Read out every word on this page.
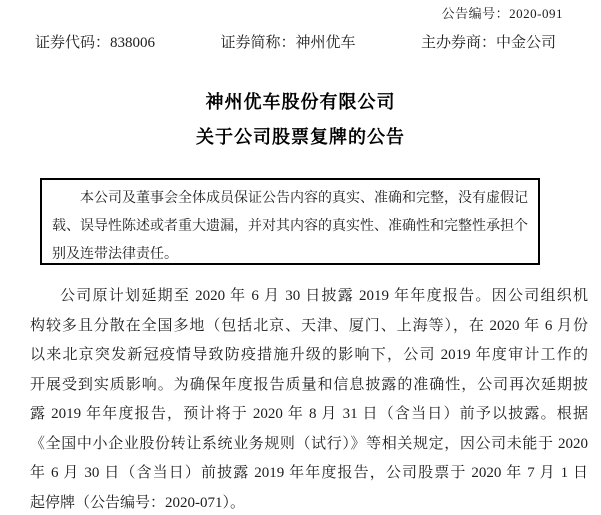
公告编号：2020-091
证券代码：838006	证券简称：神州优车	主办券商：中金公司
神州优车股份有限公司
关于公司股票复牌的公告
本公司及董事会全体成员保证公告内容的真实、准确和完整，没有虚假记
载、误导性陈述或者重大遗漏，并对其内容的真实性、准确性和完整性承担个
别及连带法律责任。
公司原计划延期至 2020 年 6 月 30 日披露 2019 年年度报告。因公司组织机
构较多且分散在全国多地（包括北京、天津、厦门、上海等），在 2020 年 6 月份
以来北京突发新冠疫情导致防疫措施升级的影响下，公司 2019 年度审计工作的
开展受到实质影响。为确保年度报告质量和信息披露的准确性，公司再次延期披
露 2019 年年度报告，预计将于 2020 年 8 月 31 日（含当日）前予以披露。根据
《全国中小企业股份转让系统业务规则（试行）》等相关规定，因公司未能于 2020
年 6 月 30 日（含当日）前披露 2019 年年度报告，公司股票于 2020 年 7 月 1 日
起停牌（公告编号：2020-071）。
